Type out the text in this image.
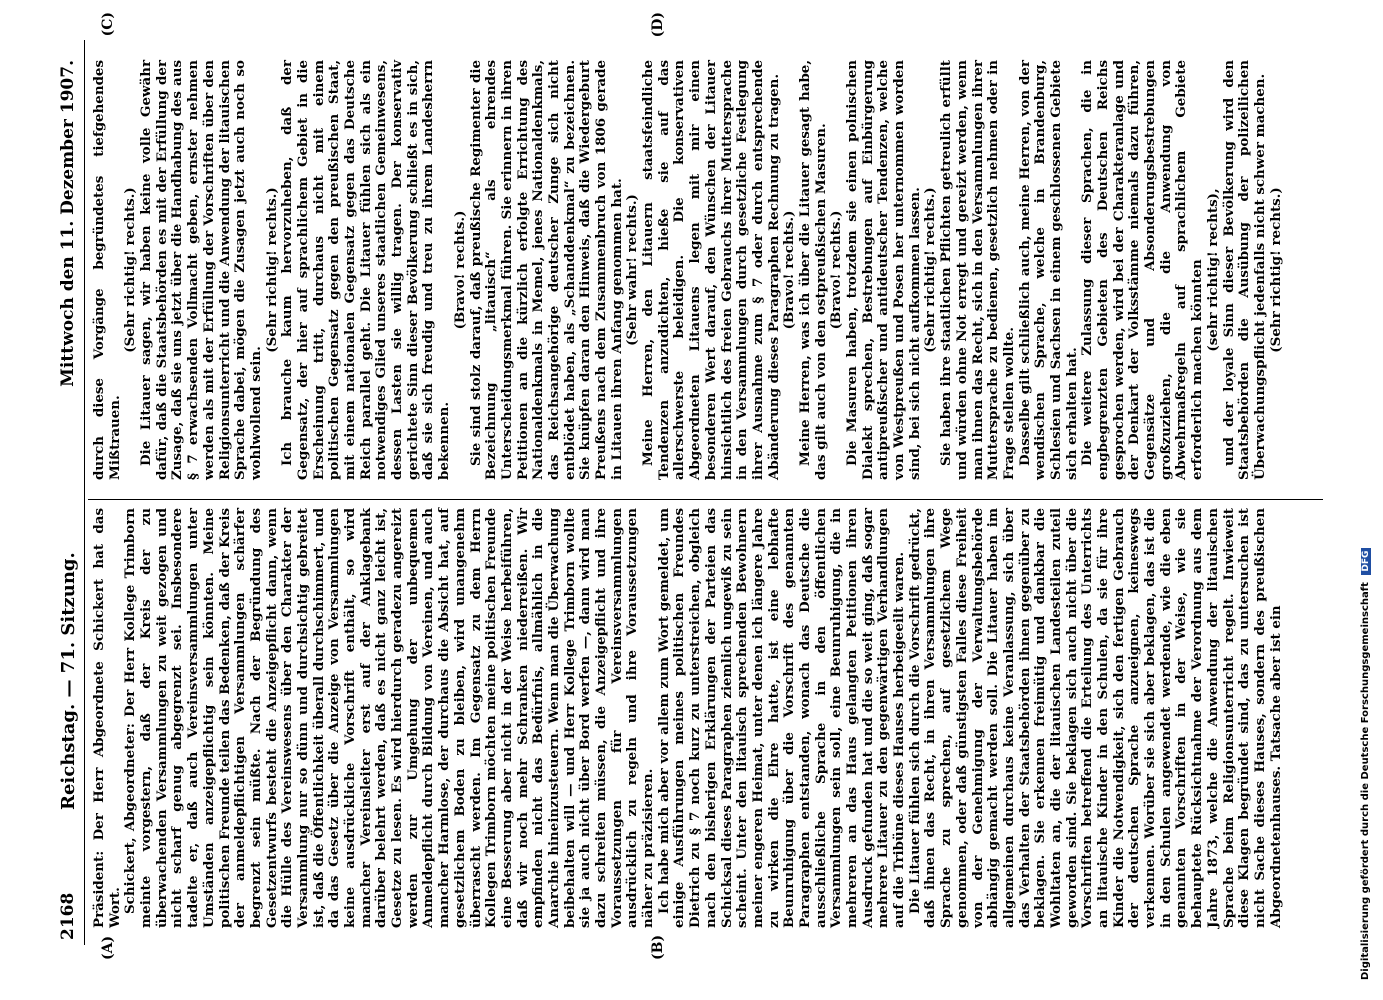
2168
Reichstag. — 71. Sitzung.
Mittwoch den 11. Dezember 1907.
(A)	(B)
(C)	(D)

Präsident: Der Herr Abgeordnete Schickert hat das Wort. Schickert, Abgeordneter: Der Herr Kollege Trimborn meinte vorgestern, daß der Kreis der zu überwachenden Versammlungen zu weit gezogen und nicht scharf genug abgegrenzt sei. Insbesondere tadelte er, daß auch Vereinsversammlungen unter Umständen anzeigepflichtig sein könnten. Meine politischen Freunde teilen das Bedenken, daß der Kreis der anmeldepflichtigen Versammlungen schärfer begrenzt sein müßte. Nach der Begründung des Gesetzentwurfs besteht die Anzeigepflicht dann, wenn die Hülle des Vereinswesens über den Charakter der Versammlung nur so dünn und durchsichtig gebreitet ist, daß die Öffentlichkeit überall durchschimmert, und da das Gesetz über die Anzeige von Versammlungen keine ausdrückliche Vorschrift enthält, so wird mancher Vereinsleiter erst auf der Anklagebank darüber belehrt werden, daß es nicht ganz leicht ist, Gesetze zu lesen. Es wird hierdurch geradezu angereizt werden zur Umgehung der unbequemen Anmeldepflicht durch Bildung von Vereinen, und auch mancher Harmlose, der durchaus die Absicht hat, auf gesetzlichem Boden zu bleiben, wird unangenehm überrascht werden. Im Gegensatz zu dem Herrn Kollegen Trimborn möchten meine politischen Freunde eine Besserung aber nicht in der Weise herbeiführen, daß wir noch mehr Schranken niederreißen. Wir empfinden nicht das Bedürfnis, allmählich in die Anarchie hineinzusteuern. Wenn man die Überwachung beibehalten will — und Herr Kollege Trimborn wollte sie ja auch nicht über Bord werfen —, dann wird man dazu schreiten müssen, die Anzeigepflicht und ihre Voraussetzungen für Vereinsversammlungen ausdrücklich zu regeln und ihre Voraussetzungen näher zu präzisieren. Ich habe mich aber vor allem zum Wort gemeldet, um einige Ausführungen meines politischen Freundes Dietrich zu § 7 noch kurz zu unterstreichen, obgleich nach den bisherigen Erklärungen der Parteien das Schicksal dieses Paragraphen ziemlich ungewiß zu sein scheint. Unter den litauisch sprechenden Bewohnern meiner engeren Heimat, unter denen ich längere Jahre zu wirken die Ehre hatte, ist eine lebhafte Beunruhigung über die Vorschrift des genannten Paragraphen entstanden, wonach das Deutsche die ausschließliche Sprache in den öffentlichen Versammlungen sein soll, eine Beunruhigung, die in mehreren an das Haus gelangten Petitionen ihren Ausdruck gefunden hat und die so weit ging, daß sogar mehrere Litauer zu den gegenwärtigen Verhandlungen auf die Tribüne dieses Hauses herbeigeeilt waren. Die Litauer fühlen sich durch die Vorschrift gedrückt, daß ihnen das Recht, in ihren Versammlungen ihre Sprache zu sprechen, auf gesetzlichem Wege genommen, oder daß günstigsten Falles diese Freiheit von der Genehmigung der Verwaltungsbehörde abhängig gemacht werden soll. Die Litauer haben im allgemeinen durchaus keine Veranlassung, sich über das Verhalten der Staatsbehörden ihnen gegenüber zu beklagen. Sie erkennen freimütig und dankbar die Wohltaten an, die der litauischen Landesteilen zuteil geworden sind. Sie beklagen sich auch nicht über die Vorschriften betreffend die Erteilung des Unterrichts an litauische Kinder in den Schulen, da sie für ihre Kinder die Notwendigkeit, sich den fertigen Gebrauch der deutschen Sprache anzueignen, keineswegs verkennen. Worüber sie sich aber beklagen, das ist die in den Schulen angewendet werdende, wie die eben genannten Vorschriften in der Weise, wie sie behauptete Rücksichtnahme der Verordnung aus dem Jahre 1873, welche die Anwendung der litauischen Sprache beim Religionsunterricht regelt. Inwieweit diese Klagen begründet sind, das zu untersuchen ist nicht Sache dieses Hauses, sondern des preußischen Abgeordnetenhauses. Tatsache aber ist ein

durch diese Vorgänge begründetes tiefgehendes Mißtrauen.

(Sehr richtig! rechts.) Die Litauer sagen, wir haben keine volle Gewähr dafür, daß die Staatsbehörden es mit der Erfüllung der Zusage, daß sie uns jetzt über die Handhabung des aus § 7 erwachsenden Vollmacht geben, ernster nehmen werden als mit der Erfüllung der Vorschriften über den Religionsunterricht und die Anwendung der litauischen Sprache dabei, mögen die Zusagen jetzt auch noch so wohlwollend sein.

(Sehr richtig! rechts.) Ich brauche kaum hervorzuheben, daß der Gegensatz, der hier auf sprachlichem Gebiet in die Erscheinung tritt, durchaus nicht mit einem politischen Gegensatz gegen den preußischen Staat, mit einem nationalen Gegensatz gegen das Deutsche Reich parallel geht. Die Litauer fühlen sich als ein notwendiges Glied unseres staatlichen Gemeinwesens, dessen Lasten sie willig tragen. Der konservativ gerichtete Sinn dieser Bevölkerung schließt es in sich, daß sie sich freudig und treu zu ihrem Landesherrn bekennen.

(Bravo! rechts.) Sie sind stolz darauf, daß preußische Regimenter die Bezeichnung „litauisch“ als ehrendes Unterscheidungsmerkmal führen. Sie erinnern in ihren Petitionen an die kürzlich erfolgte Errichtung des Nationaldenkmals in Memel, jenes Nationaldenkmals, das Reichsangehörige deutscher Zunge sich nicht entblödet haben, als „Schanddenkmal“ zu bezeichnen. Sie knüpfen daran den Hinweis, daß die Wiedergeburt Preußens nach dem Zusammenbruch von 1806 gerade in Litauen ihren Anfang genommen hat. (Sehr wahr! rechts.) Meine Herren, den Litauern staatsfeindliche Tendenzen anzudichten, hieße sie auf das allerschwerste beleidigen. Die konservativen Abgeordneten Litauens legen mit mir einen besonderen Wert darauf, den Wünschen der Litauer hinsichtlich des freien Gebrauchs ihrer Muttersprache in den Versammlungen durch gesetzliche Festlegung ihrer Ausnahme zum § 7 oder durch entsprechende Abänderung dieses Paragraphen Rechnung zu tragen. (Bravo! rechts.) Meine Herren, was ich über die Litauer gesagt habe, das gilt auch von den ostpreußischen Masuren. (Bravo! rechts.) Die Masuren haben, trotzdem sie einen polnischen Dialekt sprechen, Bestrebungen auf Einbürgerung antipreußischer und antideutscher Tendenzen, welche von Westpreußen und Posen her unternommen worden sind, bei sich nicht aufkommen lassen. (Sehr richtig! rechts.) Sie haben ihre staatlichen Pflichten getreulich erfüllt und würden ohne Not erregt und gereizt werden, wenn man ihnen das Recht, sich in den Versammlungen ihrer Muttersprache zu bedienen, gesetzlich nehmen oder in Frage stellen wollte. Dasselbe gilt schließlich auch, meine Herren, von der wendischen Sprache, welche in Brandenburg, Schlesien und Sachsen in einem geschlossenen Gebiete sich erhalten hat. Die weitere Zulassung dieser Sprachen, die in engbegrenzten Gebieten des Deutschen Reichs gesprochen werden, wird bei der Charakteranlage und der Denkart der Volksstämme niemals dazu führen, Gegensätze und Absonderungsbestrebungen großzuziehen, die die Anwendung von Abwehrmaßregeln auf sprachlichem Gebiete erforderlich machen könnten (sehr richtig! rechts), und der loyale Sinn dieser Bevölkerung wird den Staatsbehörden die Ausübung der polizeilichen Überwachungspflicht jedenfalls nicht schwer machen. (Sehr richtig! rechts.)

Digitalisierung gefördert durch die Deutsche Forschungsgemeinschaft DFG
